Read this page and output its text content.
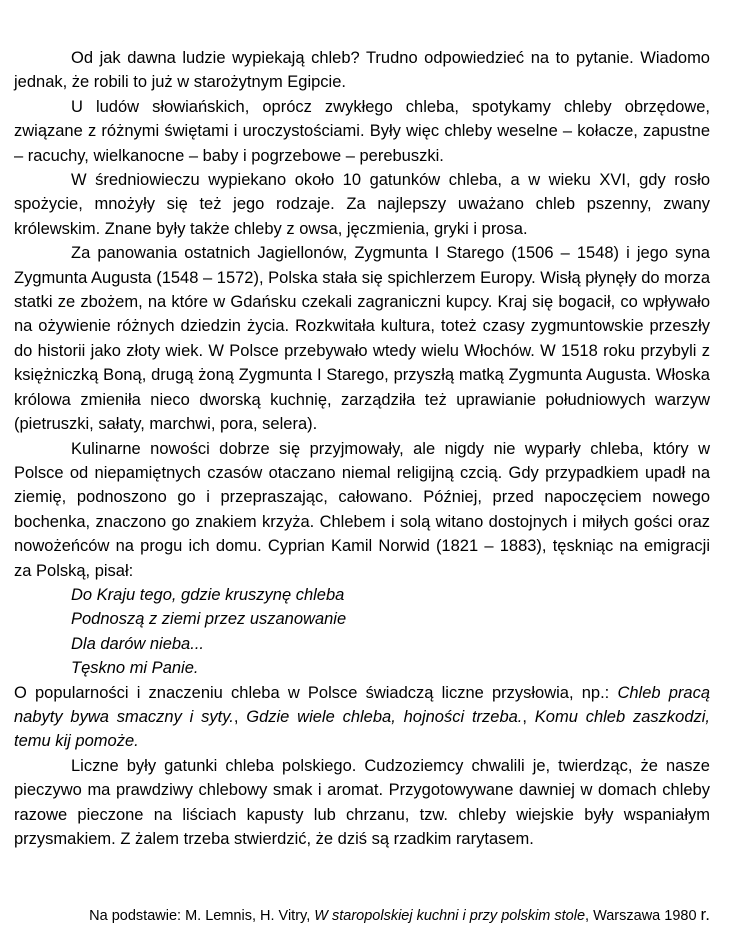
Od jak dawna ludzie wypiekają chleb? Trudno odpowiedzieć na to pytanie. Wiadomo jednak, że robili to już w starożytnym Egipcie.

U ludów słowiańskich, oprócz zwykłego chleba, spotykamy chleby obrzędowe, związane z różnymi świętami i uroczystościami. Były więc chleby weselne – kołacze, zapustne – racuchy, wielkanocne – baby i pogrzebowe – perebuszki.

W średniowieczu wypiekano około 10 gatunków chleba, a w wieku XVI, gdy rosło spożycie, mnożyły się też jego rodzaje. Za najlepszy uważano chleb pszenny, zwany królewskim. Znane były także chleby z owsa, jęczmienia, gryki i prosa.

Za panowania ostatnich Jagiellonów, Zygmunta I Starego (1506 – 1548) i jego syna Zygmunta Augusta (1548 – 1572), Polska stała się spichlerzem Europy. Wisłą płynęły do morza statki ze zbożem, na które w Gdańsku czekali zagraniczni kupcy. Kraj się bogacił, co wpływało na ożywienie różnych dziedzin życia. Rozkwitała kultura, toteż czasy zygmuntowskie przeszły do historii jako złoty wiek. W Polsce przebywało wtedy wielu Włochów. W 1518 roku przybyli z księżniczką Boną, drugą żoną Zygmunta I Starego, przyszłą matką Zygmunta Augusta. Włoska królowa zmieniła nieco dworską kuchnię, zarządziła też uprawianie południowych warzyw (pietruszki, sałaty, marchwi, pora, selera).

Kulinarne nowości dobrze się przyjmowały, ale nigdy nie wyparły chleba, który w Polsce od niepamiętnych czasów otaczano niemal religijną czcią. Gdy przypadkiem upadł na ziemię, podnoszono go i przepraszając, całowano. Później, przed napoczęciem nowego bochenka, znaczono go znakiem krzyża. Chlebem i solą witano dostojnych i miłych gości oraz nowożeńców na progu ich domu. Cyprian Kamil Norwid (1821 – 1883), tęskniąc na emigracji za Polską, pisał:

Do Kraju tego, gdzie kruszynę chleba
Podnoszą z ziemi przez uszanowanie
Dla darów nieba...
Tęskno mi Panie.

O popularności i znaczeniu chleba w Polsce świadczą liczne przysłowia, np.: Chleb pracą nabyty bywa smaczny i syty., Gdzie wiele chleba, hojności trzeba., Komu chleb zaszkodzi, temu kij pomoże.

Liczne były gatunki chleba polskiego. Cudzoziemcy chwalili je, twierdząc, że nasze pieczywo ma prawdziwy chlebowy smak i aromat. Przygotowywane dawniej w domach chleby razowe pieczone na liściach kapusty lub chrzanu, tzw. chleby wiejskie były wspaniałym przysmakiem. Z żalem trzeba stwierdzić, że dziś są rzadkim rarytasem.

Na podstawie: M. Lemnis, H. Vitry, W staropolskiej kuchni i przy polskim stole, Warszawa 1980 r.
